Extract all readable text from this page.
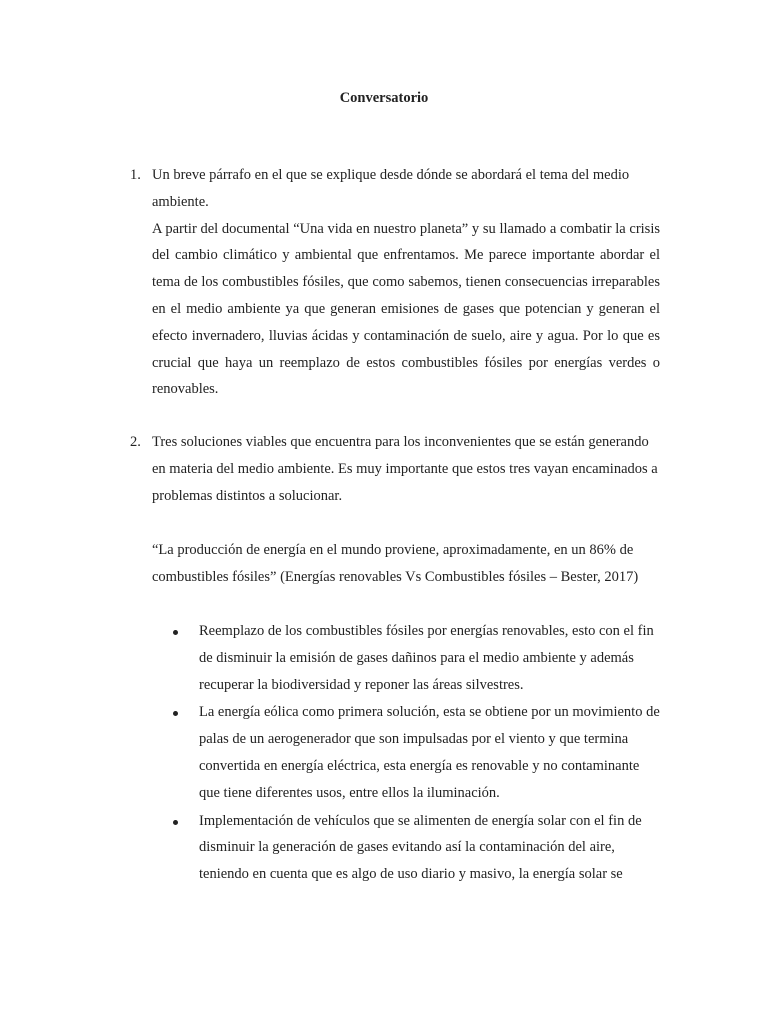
Conversatorio
1. Un breve párrafo en el que se explique desde dónde se abordará el tema del medio ambiente.

A partir del documental “Una vida en nuestro planeta” y su llamado a combatir la crisis del cambio climático y ambiental que enfrentamos. Me parece importante abordar el tema de los combustibles fósiles, que como sabemos, tienen consecuencias irreparables en el medio ambiente ya que generan emisiones de gases que potencian y generan el efecto invernadero, lluvias ácidas y contaminación de suelo, aire y agua. Por lo que es crucial que haya un reemplazo de estos combustibles fósiles por energías verdes o renovables.

2. Tres soluciones viables que encuentra para los inconvenientes que se están generando en materia del medio ambiente. Es muy importante que estos tres vayan encaminados a problemas distintos a solucionar.

“La producción de energía en el mundo proviene, aproximadamente, en un 86% de combustibles fósiles” (Energías renovables Vs Combustibles fósiles – Bester, 2017)
Reemplazo de los combustibles fósiles por energías renovables, esto con el fin de disminuir la emisión de gases dañinos para el medio ambiente y además recuperar la biodiversidad y reponer las áreas silvestres.
La energía eólica como primera solución, esta se obtiene por un movimiento de palas de un aerogenerador que son impulsadas por el viento y que termina convertida en energía eléctrica, esta energía es renovable y no contaminante que tiene diferentes usos, entre ellos la iluminación.
Implementación de vehículos que se alimenten de energía solar con el fin de disminuir la generación de gases evitando así la contaminación del aire, teniendo en cuenta que es algo de uso diario y masivo, la energía solar se
